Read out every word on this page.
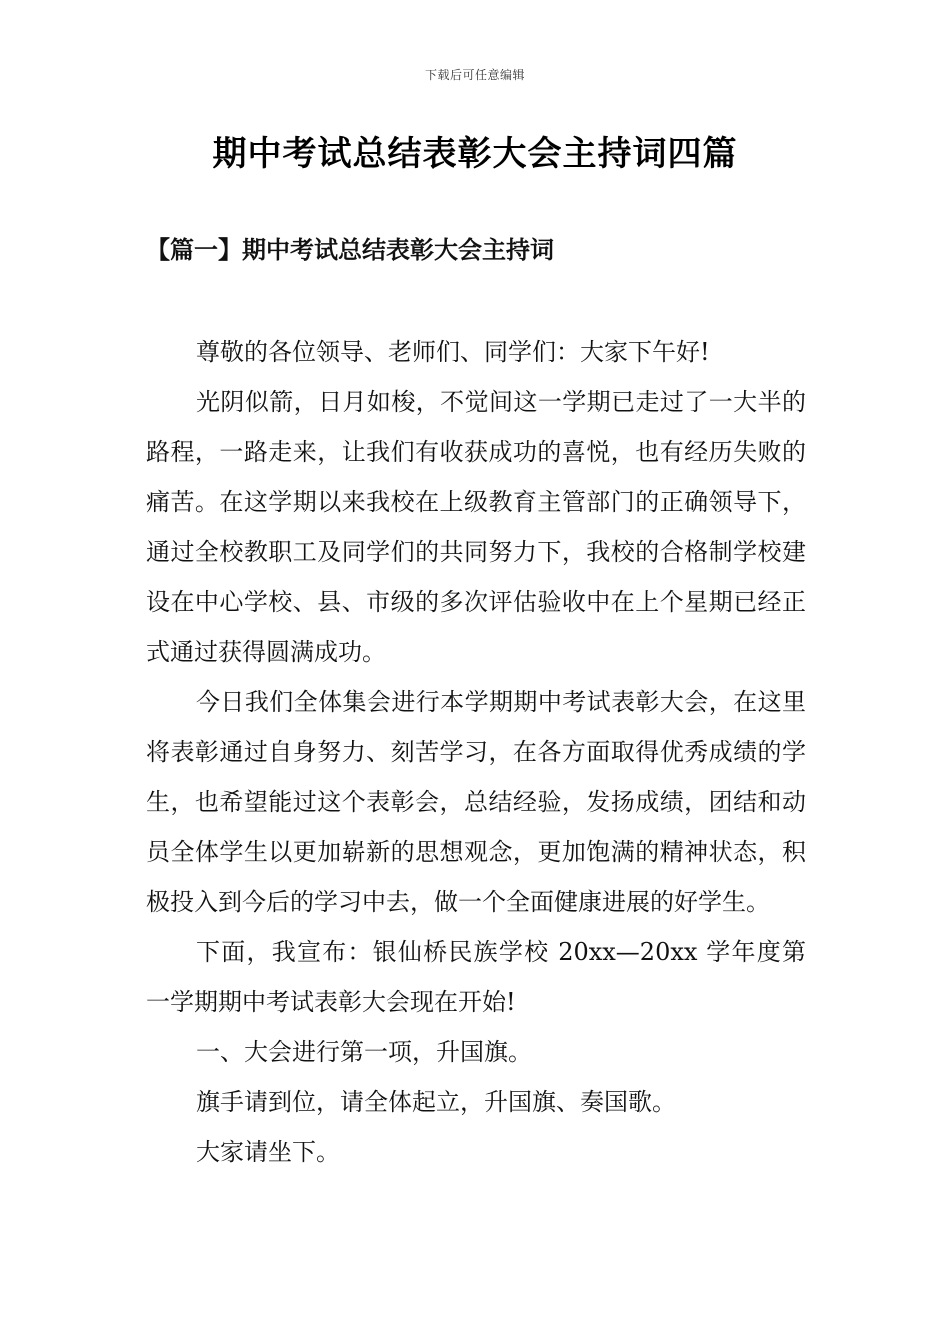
下载后可任意编辑
期中考试总结表彰大会主持词四篇
【篇一】期中考试总结表彰大会主持词

尊敬的各位领导、老师们、同学们：大家下午好!

光阴似箭，日月如梭，不觉间这一学期已走过了一大半的路程，一路走来，让我们有收获成功的喜悦，也有经历失败的痛苦。在这学期以来我校在上级教育主管部门的正确领导下，通过全校教职工及同学们的共同努力下，我校的合格制学校建设在中心学校、县、市级的多次评估验收中在上个星期已经正式通过获得圆满成功。

今日我们全体集会进行本学期期中考试表彰大会，在这里将表彰通过自身努力、刻苦学习，在各方面取得优秀成绩的学生，也希望能过这个表彰会，总结经验，发扬成绩，团结和动员全体学生以更加崭新的思想观念，更加饱满的精神状态，积极投入到今后的学习中去，做一个全面健康进展的好学生。

下面，我宣布：银仙桥民族学校 20xx—20xx 学年度第一学期期中考试表彰大会现在开始!

一、大会进行第一项，升国旗。

旗手请到位，请全体起立，升国旗、奏国歌。

大家请坐下。
